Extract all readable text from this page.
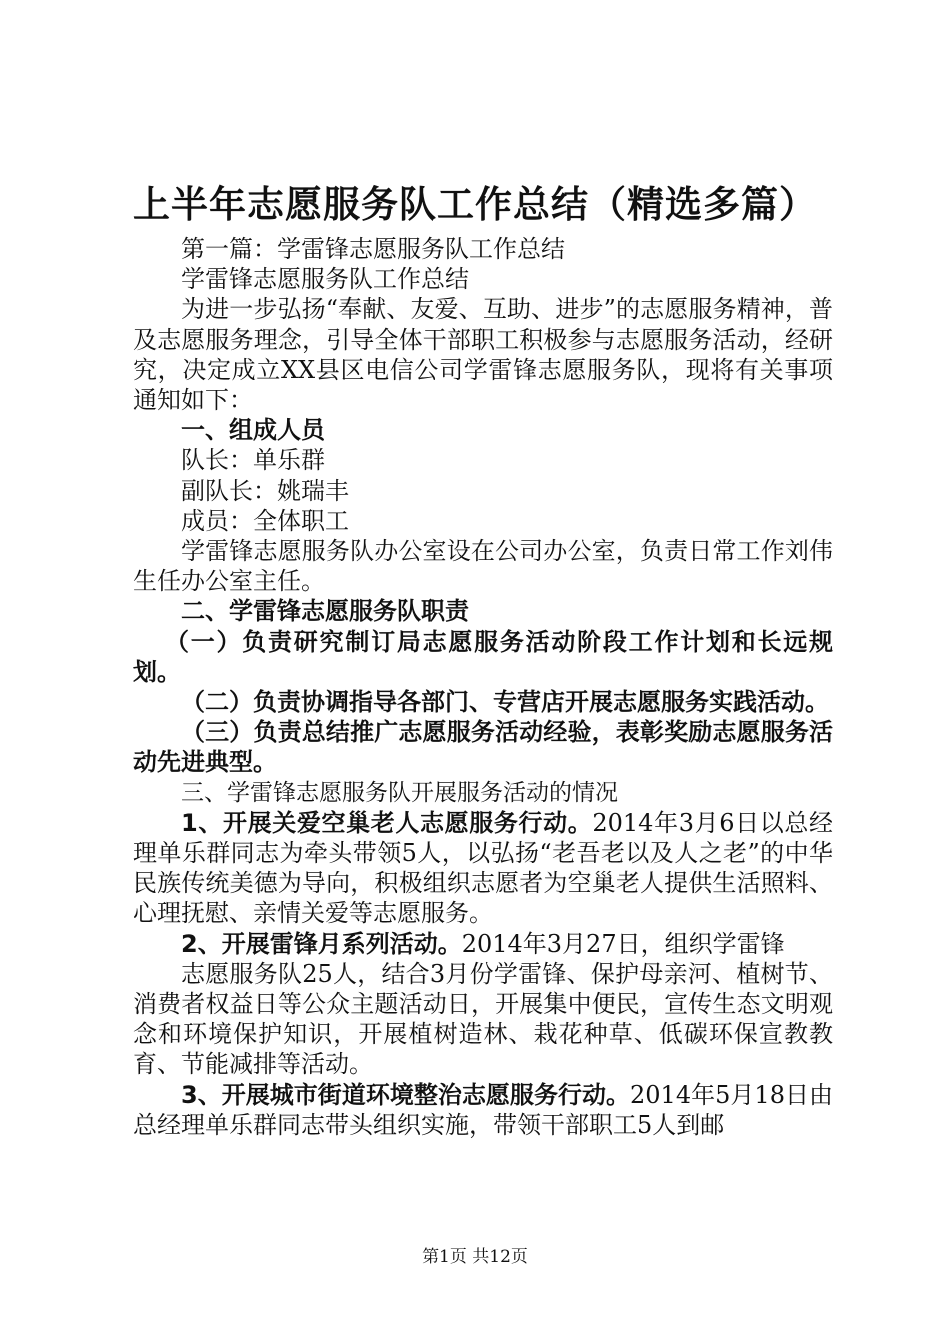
上半年志愿服务队工作总结（精选多篇）

第一篇：学雷锋志愿服务队工作总结

学雷锋志愿服务队工作总结

为进一步弘扬“奉献、友爱、互助、进步”的志愿服务精神，普及志愿服务理念，引导全体干部职工积极参与志愿服务活动，经研究，决定成立XX县区电信公司学雷锋志愿服务队，现将有关事项通知如下：

一、组成人员

队长：单乐群

副队长：姚瑞丰

成员：全体职工

学雷锋志愿服务队办公室设在公司办公室，负责日常工作刘伟生任办公室主任。

二、学雷锋志愿服务队职责

（一）负责研究制订局志愿服务活动阶段工作计划和长远规划。

（二）负责协调指导各部门、专营店开展志愿服务实践活动。

（三）负责总结推广志愿服务活动经验，表彰奖励志愿服务活动先进典型。

三、学雷锋志愿服务队开展服务活动的情况

1、开展关爱空巢老人志愿服务行动。2014年3月6日以总经理单乐群同志为牵头带领5人，以弘扬“老吾老以及人之老”的中华民族传统美德为导向，积极组织志愿者为空巢老人提供生活照料、心理抚慰、亲情关爱等志愿服务。

2、开展雷锋月系列活动。2014年3月27日，组织学雷锋

志愿服务队25人，结合3月份学雷锋、保护母亲河、植树节、消费者权益日等公众主题活动日，开展集中便民，宣传生态文明观念和环境保护知识，开展植树造林、栽花种草、低碳环保宣教教育、节能减排等活动。

3、开展城市街道环境整治志愿服务行动。2014年5月18日由总经理单乐群同志带头组织实施，带领干部职工5人到邮

第1页 共12页
